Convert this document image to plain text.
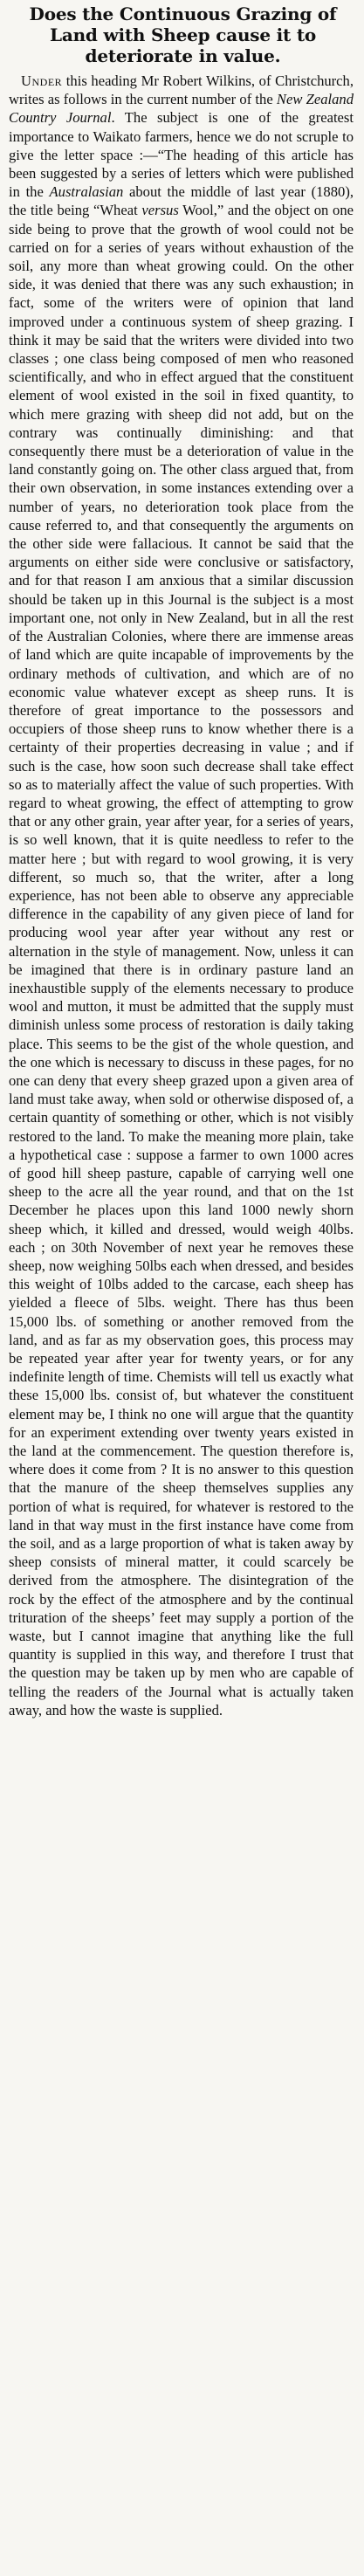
Does the Continuous Grazing of Land with Sheep cause it to deteriorate in value.

Under this heading Mr Robert Wilkins, of Christchurch, writes as follows in the current number of the New Zealand Country Journal. The subject is one of the greatest importance to Waikato farmers, hence we do not scruple to give the letter space :—“The heading of this article has been suggested by a series of letters which were published in the Australasian about the middle of last year (1880), the title being “Wheat versus Wool,” and the object on one side being to prove that the growth of wool could not be carried on for a series of years without exhaustion of the soil, any more than wheat growing could. On the other side, it was denied that there was any such exhaustion; in fact, some of the writers were of opinion that land improved under a continuous system of sheep grazing. I think it may be said that the writers were divided into two classes ; one class being composed of men who reasoned scientifically, and who in effect argued that the constituent element of wool existed in the soil in fixed quantity, to which mere grazing with sheep did not add, but on the contrary was continually diminishing: and that consequently there must be a deterioration of value in the land constantly going on. The other class argued that, from their own observation, in some instances extending over a number of years, no deterioration took place from the cause referred to, and that consequently the arguments on the other side were fallacious. It cannot be said that the arguments on either side were conclusive or satisfactory, and for that reason I am anxious that a similar discussion should be taken up in this Journal is the subject is a most important one, not only in New Zealand, but in all the rest of the Australian Colonies, where there are immense areas of land which are quite incapable of improvements by the ordinary methods of cultivation, and which are of no economic value whatever except as sheep runs. It is therefore of great importance to the possessors and occupiers of those sheep runs to know whether there is a certainty of their properties decreasing in value ; and if such is the case, how soon such decrease shall take effect so as to materially affect the value of such properties. With regard to wheat growing, the effect of attempting to grow that or any other grain, year after year, for a series of years, is so well known, that it is quite needless to refer to the matter here ; but with regard to wool growing, it is very different, so much so, that the writer, after a long experience, has not been able to observe any appreciable difference in the capability of any given piece of land for producing wool year after year without any rest or alternation in the style of management. Now, unless it can be imagined that there is in ordinary pasture land an inexhaustible supply of the elements necessary to produce wool and mutton, it must be admitted that the supply must diminish unless some process of restoration is daily taking place. This seems to be the gist of the whole question, and the one which is necessary to discuss in these pages, for no one can deny that every sheep grazed upon a given area of land must take away, when sold or otherwise disposed of, a certain quantity of something or other, which is not visibly restored to the land. To make the meaning more plain, take a hypothetical case : suppose a farmer to own 1000 acres of good hill sheep pasture, capable of carrying well one sheep to the acre all the year round, and that on the 1st December he places upon this land 1000 newly shorn sheep which, it killed and dressed, would weigh 40lbs. each ; on 30th November of next year he removes these sheep, now weighing 50lbs each when dressed, and besides this weight of 10lbs added to the carcase, each sheep has yielded a fleece of 5lbs. weight. There has thus been 15,000 lbs. of something or another removed from the land, and as far as my observation goes, this process may be repeated year after year for twenty years, or for any indefinite length of time. Chemists will tell us exactly what these 15,000 lbs. consist of, but whatever the constituent element may be, I think no one will argue that the quantity for an experiment extending over twenty years existed in the land at the commencement. The question therefore is, where does it come from ? It is no answer to this question that the manure of the sheep themselves supplies any portion of what is required, for whatever is restored to the land in that way must in the first instance have come from the soil, and as a large proportion of what is taken away by sheep consists of mineral matter, it could scarcely be derived from the atmosphere. The disintegration of the rock by the effect of the atmosphere and by the continual trituration of the sheeps’ feet may supply a portion of the waste, but I cannot imagine that anything like the full quantity is supplied in this way, and therefore I trust that the question may be taken up by men who are capable of telling the readers of the Journal what is actually taken away, and how the waste is supplied.
